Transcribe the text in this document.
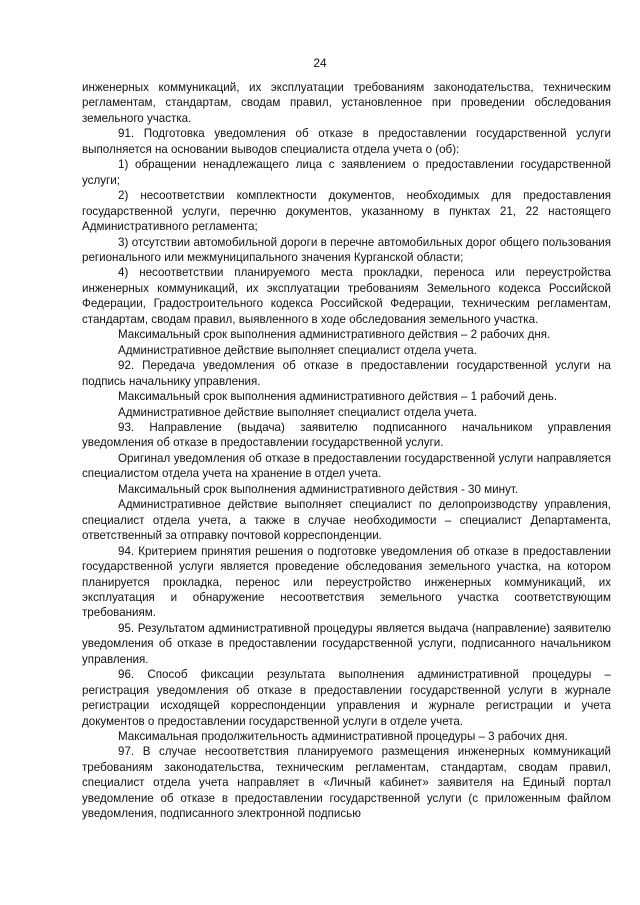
24

инженерных коммуникаций, их эксплуатации требованиям законодательства, техническим регламентам, стандартам, сводам правил, установленное при проведении обследования земельного участка.

91. Подготовка уведомления об отказе в предоставлении государственной услуги выполняется на основании выводов специалиста отдела учета о (об):

1) обращении ненадлежащего лица с заявлением о предоставлении государственной услуги;

2) несоответствии комплектности документов, необходимых для предоставления государственной услуги, перечню документов, указанному в пунктах 21, 22 настоящего Административного регламента;

3) отсутствии автомобильной дороги в перечне автомобильных дорог общего пользования регионального или межмуниципального значения Курганской области;

4) несоответствии планируемого места прокладки, переноса или переустройства инженерных коммуникаций, их эксплуатации требованиям Земельного кодекса Российской Федерации, Градостроительного кодекса Российской Федерации, техническим регламентам, стандартам, сводам правил, выявленного в ходе обследования земельного участка.

Максимальный срок выполнения административного действия – 2 рабочих дня.

Административное действие выполняет специалист отдела учета.

92. Передача уведомления об отказе в предоставлении государственной услуги на подпись начальнику управления.

Максимальный срок выполнения административного действия – 1 рабочий день.

Административное действие выполняет специалист отдела учета.

93. Направление (выдача) заявителю подписанного начальником управления уведомления об отказе в предоставлении государственной услуги.

Оригинал уведомления об отказе в предоставлении государственной услуги направляется специалистом отдела учета на хранение в отдел учета.

Максимальный срок выполнения административного действия - 30 минут.

Административное действие выполняет специалист по делопроизводству управления, специалист отдела учета, а также в случае необходимости – специалист Департамента, ответственный за отправку почтовой корреспонденции.

94. Критерием принятия решения о подготовке уведомления об отказе в предоставлении государственной услуги является проведение обследования земельного участка, на котором планируется прокладка, перенос или переустройство инженерных коммуникаций, их эксплуатация и обнаружение несоответствия земельного участка соответствующим требованиям.

95. Результатом административной процедуры является выдача (направление) заявителю уведомления об отказе в предоставлении государственной услуги, подписанного начальником управления.

96. Способ фиксации результата выполнения административной процедуры – регистрация уведомления об отказе в предоставлении государственной услуги в журнале регистрации исходящей корреспонденции управления и журнале регистрации и учета документов о предоставлении государственной услуги в отделе учета.

Максимальная продолжительность административной процедуры – 3 рабочих дня.

97. В случае несоответствия планируемого размещения инженерных коммуникаций требованиям законодательства, техническим регламентам, стандартам, сводам правил, специалист отдела учета направляет в «Личный кабинет» заявителя на Единый портал уведомление об отказе в предоставлении государственной услуги (с приложенным файлом уведомления, подписанного электронной подписью
